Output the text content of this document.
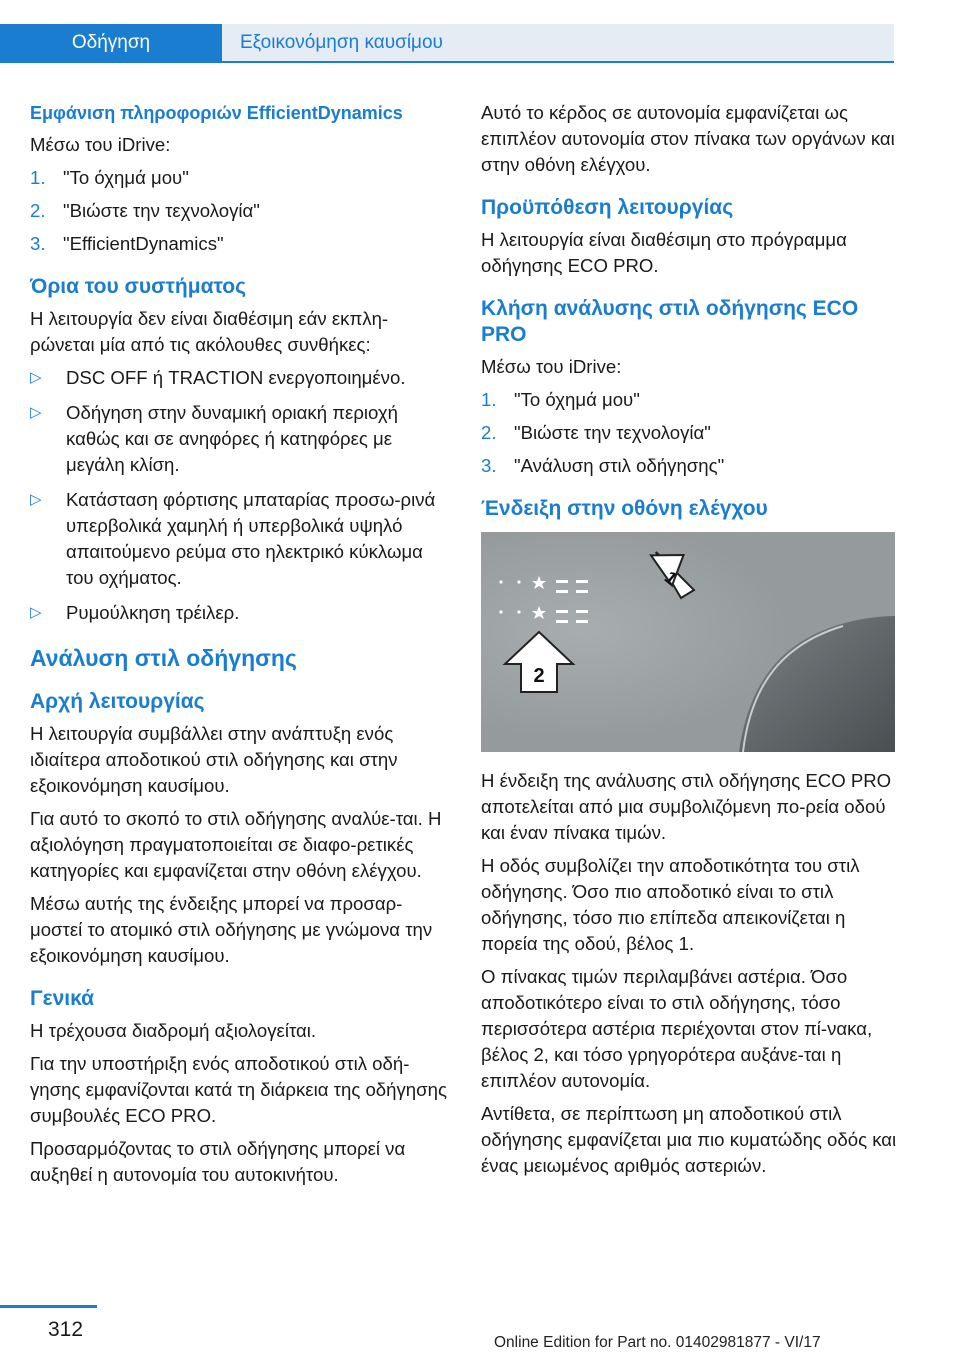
Οδήγηση	Εξοικονόμηση καυσίμου
Εμφάνιση πληροφοριών EfficientDynamics

Μέσω του iDrive:

1. "Το όχημά μου"
2. "Βιώστε την τεχνολογία"
3. "EfficientDynamics"
Όρια του συστήματος

Η λειτουργία δεν είναι διαθέσιμη εάν εκπλη-ρώνεται μία από τις ακόλουθες συνθήκες:

▷ DSC OFF ή TRACTION ενεργοποιημένο.
▷ Οδήγηση στην δυναμική οριακή περιοχή καθώς και σε ανηφόρες ή κατηφόρες με μεγάλη κλίση.
▷ Κατάσταση φόρτισης μπαταρίας προσω-ρινά υπερβολικά χαμηλή ή υπερβολικά υψηλό απαιτούμενο ρεύμα στο ηλεκτρικό κύκλωμα του οχήματος.
▷ Ρυμούλκηση τρέιλερ.
Ανάλυση στιλ οδήγησης
Αρχή λειτουργίας

Η λειτουργία συμβάλλει στην ανάπτυξη ενός ιδιαίτερα αποδοτικού στιλ οδήγησης και στην εξοικονόμηση καυσίμου.

Για αυτό το σκοπό το στιλ οδήγησης αναλύε-ται. Η αξιολόγηση πραγματοποιείται σε διαφο-ρετικές κατηγορίες και εμφανίζεται στην οθόνη ελέγχου.

Μέσω αυτής της ένδειξης μπορεί να προσαρ-μοστεί το ατομικό στιλ οδήγησης με γνώμονα την εξοικονόμηση καυσίμου.

Γενικά

Η τρέχουσα διαδρομή αξιολογείται.

Για την υποστήριξη ενός αποδοτικού στιλ οδή-γησης εμφανίζονται κατά τη διάρκεια της οδήγησης συμβουλές ECO PRO.

Προσαρμόζοντας το στιλ οδήγησης μπορεί να αυξηθεί η αυτονομία του αυτοκινήτου.

Αυτό το κέρδος σε αυτονομία εμφανίζεται ως επιπλέον αυτονομία στον πίνακα των οργάνων και στην οθόνη ελέγχου.

Προϋπόθεση λειτουργίας

Η λειτουργία είναι διαθέσιμη στο πρόγραμμα οδήγησης ECO PRO.

Κλήση ανάλυσης στιλ οδήγησης ECO PRO

Μέσω του iDrive:

1. "Το όχημά μου"
2. "Βιώστε την τεχνολογία"
3. "Ανάλυση στιλ οδήγησης"
Ένδειξη στην οθόνη ελέγχου
2
1

Η ένδειξη της ανάλυσης στιλ οδήγησης ECO PRO αποτελείται από μια συμβολιζόμενη πο-ρεία οδού και έναν πίνακα τιμών.

Η οδός συμβολίζει την αποδοτικότητα του στιλ οδήγησης. Όσο πιο αποδοτικό είναι το στιλ οδήγησης, τόσο πιο επίπεδα απεικονίζεται η πορεία της οδού, βέλος 1.

Ο πίνακας τιμών περιλαμβάνει αστέρια. Όσο αποδοτικότερο είναι το στιλ οδήγησης, τόσο περισσότερα αστέρια περιέχονται στον πί-νακα, βέλος 2, και τόσο γρηγορότερα αυξάνε-ται η επιπλέον αυτονομία.

Αντίθετα, σε περίπτωση μη αποδοτικού στιλ οδήγησης εμφανίζεται μια πιο κυματώδης οδός και ένας μειωμένος αριθμός αστεριών.

312
Online Edition for Part no. 01402981877 - VI/17
